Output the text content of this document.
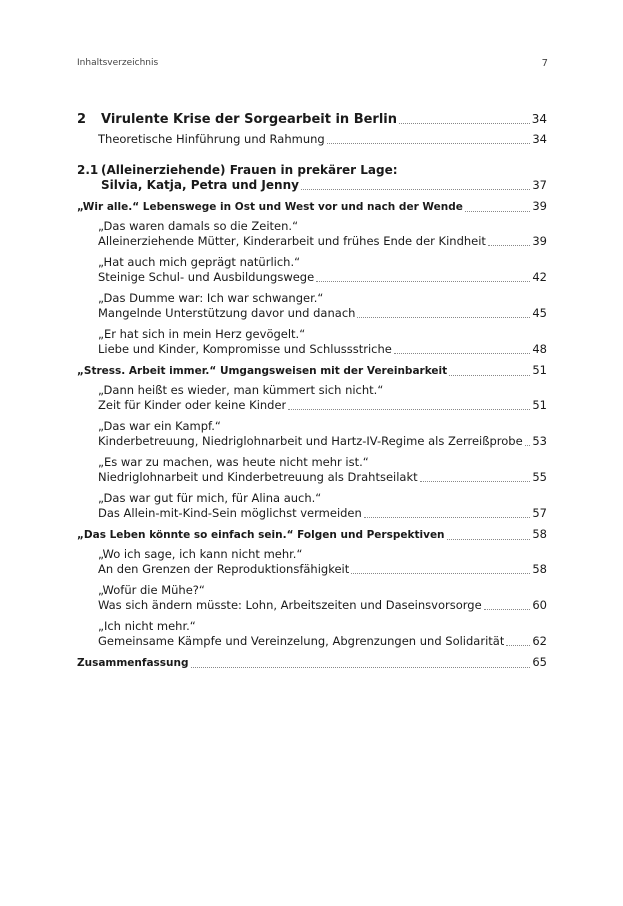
Inhaltsverzeichnis	7
2	Virulente Krise der Sorgearbeit in Berlin	34
Theoretische Hinführung und Rahmung	34
2.1 (Alleinerziehende) Frauen in prekärer Lage:
Silvia, Katja, Petra und Jenny	37
„Wir alle.“ Lebenswege in Ost und West vor und nach der Wende	39
„Das waren damals so die Zeiten.“
Alleinerziehende Mütter, Kinderarbeit und frühes Ende der Kindheit	39
„Hat auch mich geprägt natürlich.“
Steinige Schul- und Ausbildungswege	42
„Das Dumme war: Ich war schwanger.“
Mangelnde Unterstützung davor und danach	45
„Er hat sich in mein Herz gevögelt.“
Liebe und Kinder, Kompromisse und Schlussstriche	48
„Stress. Arbeit immer.“ Umgangsweisen mit der Vereinbarkeit	51
„Dann heißt es wieder, man kümmert sich nicht.“
Zeit für Kinder oder keine Kinder	51
„Das war ein Kampf.“
Kinderbetreuung, Niedriglohnarbeit und Hartz-IV-Regime als Zerreißprobe 53
„Es war zu machen, was heute nicht mehr ist.“
Niedriglohnarbeit und Kinderbetreuung als Drahtseilakt	55
„Das war gut für mich, für Alina auch.“
Das Allein-mit-Kind-Sein möglichst vermeiden	57
„Das Leben könnte so einfach sein.“ Folgen und Perspektiven	58
„Wo ich sage, ich kann nicht mehr.“
An den Grenzen der Reproduktionsfähigkeit	58
„Wofür die Mühe?“
Was sich ändern müsste: Lohn, Arbeitszeiten und Daseinsvorsorge	60
„Ich nicht mehr.“
Gemeinsame Kämpfe und Vereinzelung, Abgrenzungen und Solidarität 62
Zusammenfassung	65
